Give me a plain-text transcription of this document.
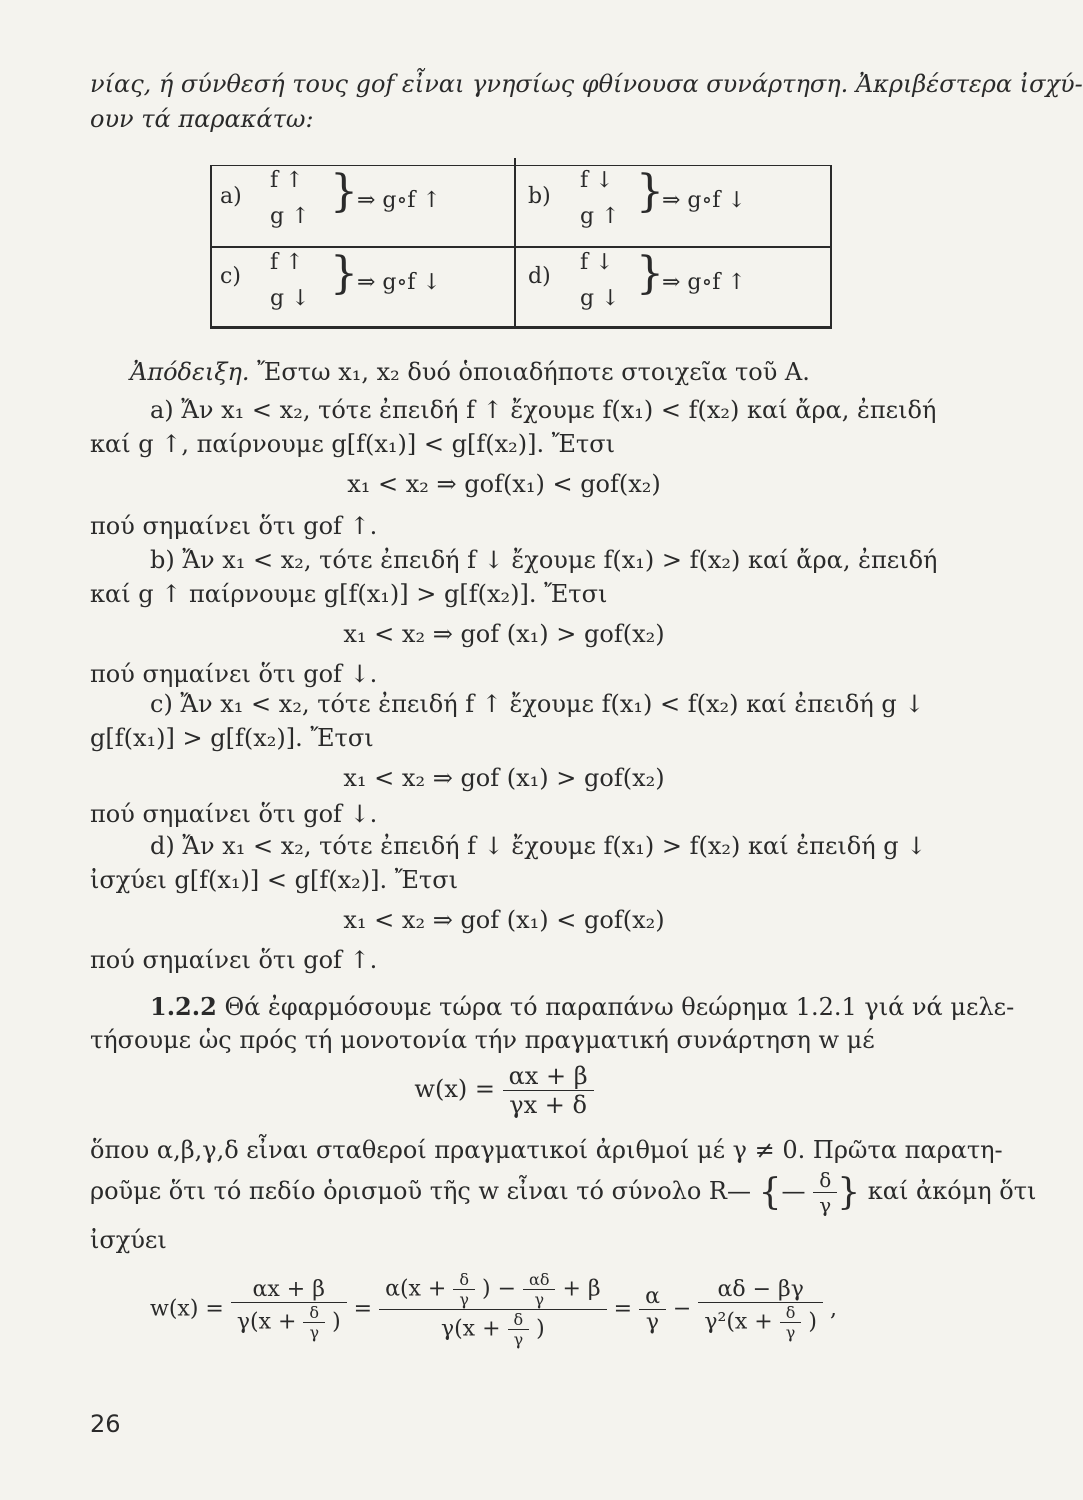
νίας, ή σύνθεσή τους gof εἶναι γνησίως φθίνουσα συνάρτηση. Ἀκριβέστερα ἰσχύ-
ουν τά παρακάτω:
a)
f ↑
g ↑ } ⇒ g∘f ↑	b)
f ↓
g ↑ }
⇒ g∘f ↓
c)
f ↑
g ↓ } ⇒ g∘f ↓	d)
f ↓
g ↓ }
⇒ g∘f ↑
Ἀπόδειξη. Ἔστω x₁, x₂ δυό ὁποιαδήποτε στοιχεῖα τοῦ Α.
a) Ἄν x₁ < x₂, τότε ἐπειδή f ↑ ἔχουμε f(x₁) < f(x₂) καί ἄρα, ἐπειδή
καί g ↑, παίρνουμε g[f(x₁)] < g[f(x₂)]. Ἔτσι
x₁ < x₂ ⇒ gof(x₁) < gof(x₂)
πού σημαίνει ὅτι gof ↑.
b) Ἄν x₁ < x₂, τότε ἐπειδή f ↓ ἔχουμε f(x₁) > f(x₂) καί ἄρα, ἐπειδή
καί g ↑ παίρνουμε g[f(x₁)] > g[f(x₂)]. Ἔτσι
x₁ < x₂ ⇒ gof (x₁) > gof(x₂)
πού σημαίνει ὅτι gof ↓.
c) Ἄν x₁ < x₂, τότε ἐπειδή f ↑ ἔχουμε f(x₁) < f(x₂) καί ἐπειδή g ↓
g[f(x₁)] > g[f(x₂)]. Ἔτσι
x₁ < x₂ ⇒ gof (x₁) > gof(x₂)
πού σημαίνει ὅτι gof ↓.
d) Ἄν x₁ < x₂, τότε ἐπειδή f ↓ ἔχουμε f(x₁) > f(x₂) καί ἐπειδή g ↓
ἰσχύει g[f(x₁)] < g[f(x₂)]. Ἔτσι
x₁ < x₂ ⇒ gof (x₁) < gof(x₂)
πού σημαίνει ὅτι gof ↑.
1.2.2 Θά ἐφαρμόσουμε τώρα τό παραπάνω θεώρημα 1.2.1 γιά νά μελε-
τήσουμε ὡς πρός τή μονοτονία τήν πραγματική συνάρτηση w μέ
$w(x) = \frac{\alpha x + \beta}{\gamma x + \delta}$
ὅπου α,β,γ,δ εἶναι σταθεροί πραγματικοί ἀριθμοί μέ γ ≠ 0. Πρῶτα παρατη-
ροῦμε ὅτι τό πεδίο ὁρισμοῦ τῆς w εἶναι τό σύνολο R— {— $\frac{\delta}{\gamma}$ } καί ἀκόμη ὅτι
ἰσχύει
$w(x) = \frac{\alpha x + \beta}{\gamma(x + \frac{\delta}{\gamma} )} = \frac{\alpha(x + \frac{\delta}{\gamma} ) - \frac{\alpha\delta}{\gamma} + \beta}{\gamma(x + \frac{\delta}{\gamma} )} = \frac{\alpha}{\gamma} - \frac{\alpha\delta - \beta\gamma}{\gamma^2(x + \frac{\delta}{\gamma} )}$ ,
26
